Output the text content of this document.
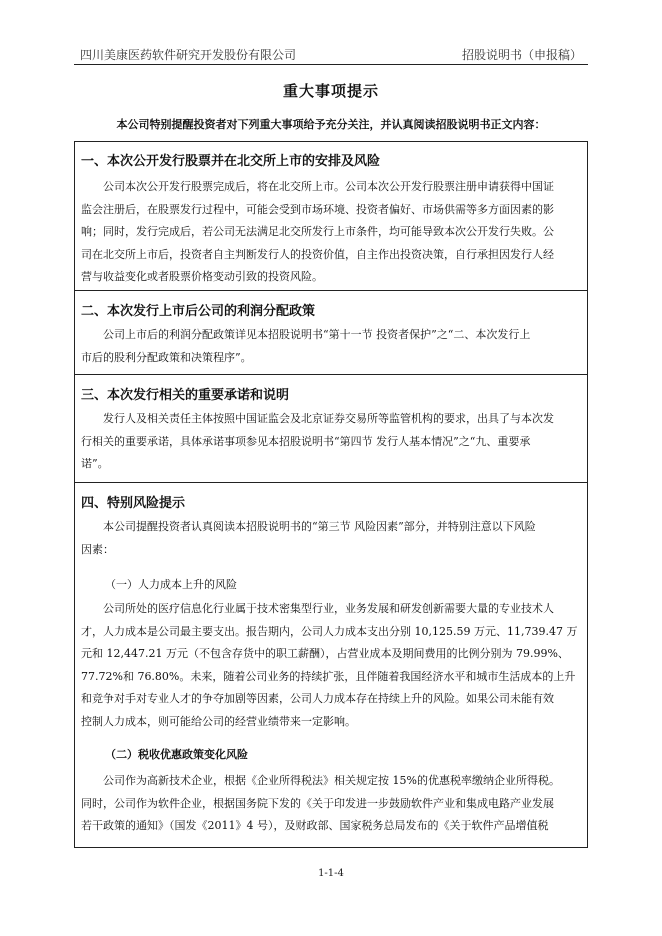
四川美康医药软件研究开发股份有限公司	招股说明书（申报稿）
重大事项提示
本公司特别提醒投资者对下列重大事项给予充分关注，并认真阅读招股说明书正文内容：
一、本次公开发行股票并在北交所上市的安排及风险
公司本次公开发行股票完成后，将在北交所上市。公司本次公开发行股票注册申请获得中国证
监会注册后，在股票发行过程中，可能会受到市场环境、投资者偏好、市场供需等多方面因素的影
响；同时，发行完成后，若公司无法满足北交所发行上市条件，均可能导致本次公开发行失败。公
司在北交所上市后，投资者自主判断发行人的投资价值，自主作出投资决策，自行承担因发行人经
营与收益变化或者股票价格变动引致的投资风险。
二、本次发行上市后公司的利润分配政策
公司上市后的利润分配政策详见本招股说明书“第十一节 投资者保护”之“二、本次发行上
市后的股利分配政策和决策程序”。
三、本次发行相关的重要承诺和说明
发行人及相关责任主体按照中国证监会及北京证券交易所等监管机构的要求，出具了与本次发
行相关的重要承诺，具体承诺事项参见本招股说明书“第四节 发行人基本情况”之“九、重要承
诺”。
四、特别风险提示
本公司提醒投资者认真阅读本招股说明书的“第三节 风险因素”部分，并特别注意以下风险
因素：
（一）人力成本上升的风险
公司所处的医疗信息化行业属于技术密集型行业，业务发展和研发创新需要大量的专业技术人
才，人力成本是公司最主要支出。报告期内，公司人力成本支出分别 10,125.59 万元、11,739.47 万
元和 12,447.21 万元（不包含存货中的职工薪酬），占营业成本及期间费用的比例分别为 79.99%、
77.72%和 76.80%。未来，随着公司业务的持续扩张，且伴随着我国经济水平和城市生活成本的上升
和竞争对手对专业人才的争夺加剧等因素，公司人力成本存在持续上升的风险。如果公司未能有效
控制人力成本，则可能给公司的经营业绩带来一定影响。
（二）税收优惠政策变化风险
公司作为高新技术企业，根据《企业所得税法》相关规定按 15%的优惠税率缴纳企业所得税。
同时，公司作为软件企业，根据国务院下发的《关于印发进一步鼓励软件产业和集成电路产业发展
若干政策的通知》（国发《2011》4 号），及财政部、国家税务总局发布的《关于软件产品增值税
1-1-4
